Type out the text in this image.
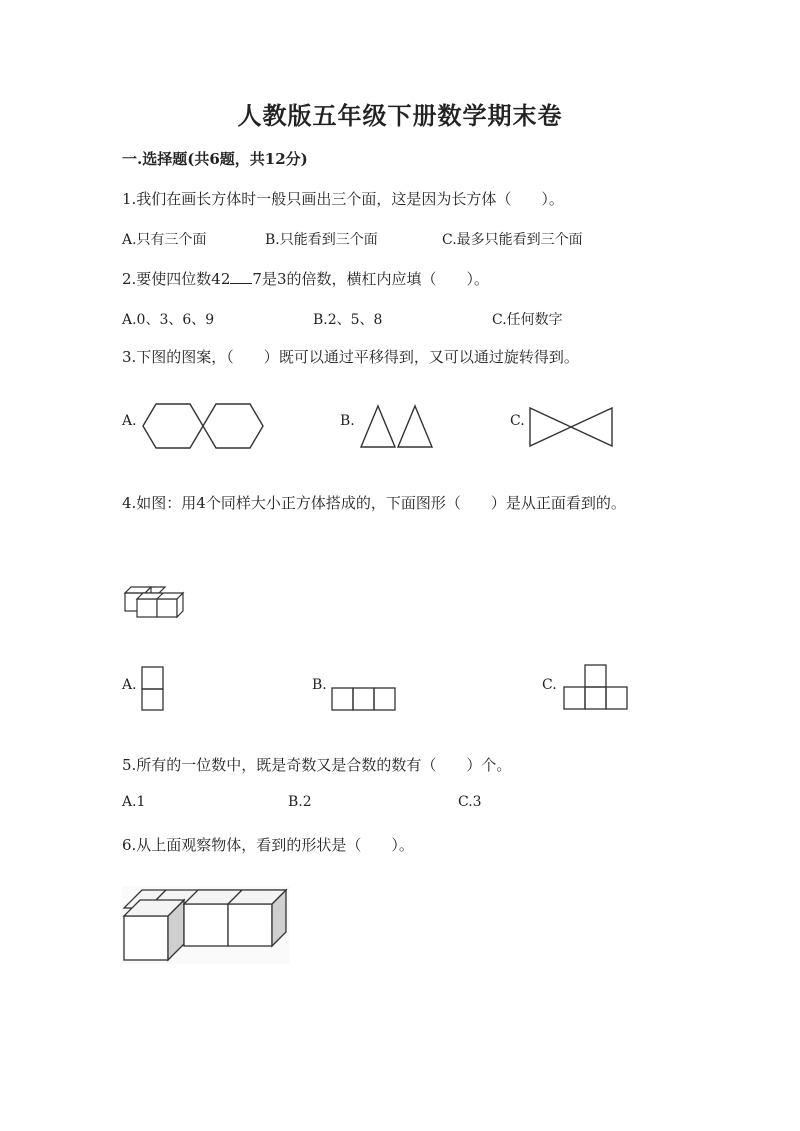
人教版五年级下册数学期末卷
一.选择题(共6题，共12分)
1.我们在画长方体时一般只画出三个面，这是因为长方体（　　）。
A.只有三个面	B.只能看到三个面	C.最多只能看到三个面
2.要使四位数42 7是3的倍数，横杠内应填（　　）。
A.0、3、6、9	B.2、5、8	C.任何数字
3.下图的图案，（　　）既可以通过平移得到，又可以通过旋转得到。
A.	B.	C.
4.如图：用4个同样大小正方体搭成的，下面图形（　　）是从正面看到的。
A.	B.	C.
5.所有的一位数中，既是奇数又是合数的数有（　　）个。
A.1	B.2	C.3
6.从上面观察物体，看到的形状是（　　）。
